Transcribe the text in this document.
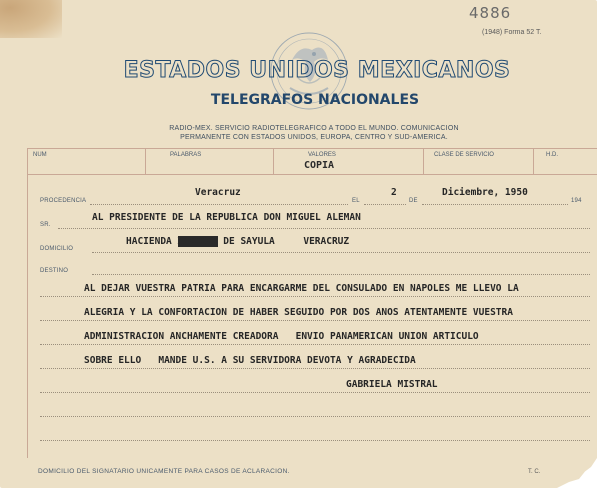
4886
(1948) Forma 52 T.
ESTADOS UNIDOS MEXICANOS
TELEGRAFOS NACIONALES
RADIO-MEX. SERVICIO RADIOTELEGRAFICO A TODO EL MUNDO. COMUNICACION
PERMANENTE CON ESTADOS UNIDOS, EUROPA, CENTRO Y SUD-AMERICA.
NUM	PALABRAS	VALORES
COPIA
CLASE DE SERVICIO	H.D.
PROCEDENCIA
Veracruz
EL
2
DE
Diciembre, 1950
194
SR.
AL PRESIDENTE DE LA REPUBLICA DON MIGUEL ALEMAN
DOMICILIO
HACIENDA XXXXXXX DE SAYULA     VERACRUZ
DESTINO
AL DEJAR VUESTRA PATRIA PARA ENCARGARME DEL CONSULADO EN NAPOLES ME LLEVO LA
ALEGRIA Y LA CONFORTACION DE HABER SEGUIDO POR DOS ANOS ATENTAMENTE VUESTRA
ADMINISTRACION ANCHAMENTE CREADORA   ENVIO PANAMERICAN UNION ARTICULO
SOBRE ELLO   MANDE U.S. A SU SERVIDORA DEVOTA Y AGRADECIDA
GABRIELA MISTRAL
DOMICILIO DEL SIGNATARIO UNICAMENTE PARA CASOS DE ACLARACION.	T. C.
